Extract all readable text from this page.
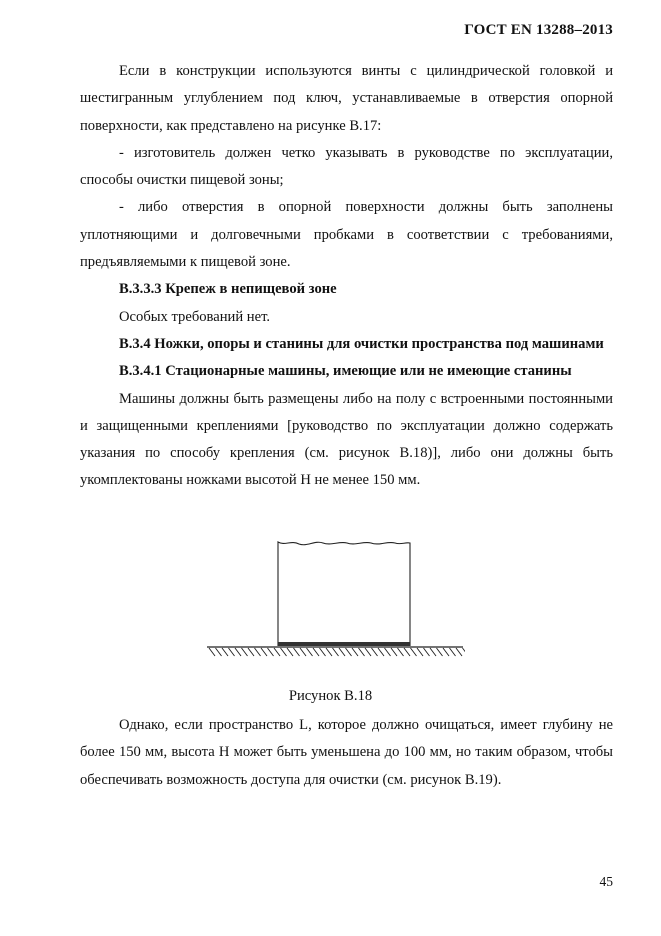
ГОСТ EN 13288–2013

Если в конструкции используются винты с цилиндрической головкой и шестигранным углублением под ключ, устанавливаемые в отверстия опорной поверхности, как представлено на рисунке В.17:

- изготовитель должен четко указывать в руководстве по эксплуатации, способы очистки пищевой зоны;

- либо отверстия в опорной поверхности должны быть заполнены уплотняющими и долговечными пробками в соответствии с требованиями, предъявляемыми к пищевой зоне.

В.3.3.3 Крепеж в непищевой зоне

Особых требований нет.

В.3.4 Ножки, опоры и станины для очистки пространства под машинами

В.3.4.1 Стационарные машины, имеющие или не имеющие станины

Машины должны быть размещены либо на полу с встроенными постоянными и защищенными креплениями [руководство по эксплуатации должно содержать указания по способу крепления (см. рисунок В.18)], либо они должны быть укомплектованы ножками высотой H не менее 150 мм.

Рисунок В.18

Однако, если пространство L, которое должно очищаться, имеет глубину не более 150 мм, высота H может быть уменьшена до 100 мм, но таким образом, чтобы обеспечивать возможность доступа для очистки (см. рисунок В.19).

45
